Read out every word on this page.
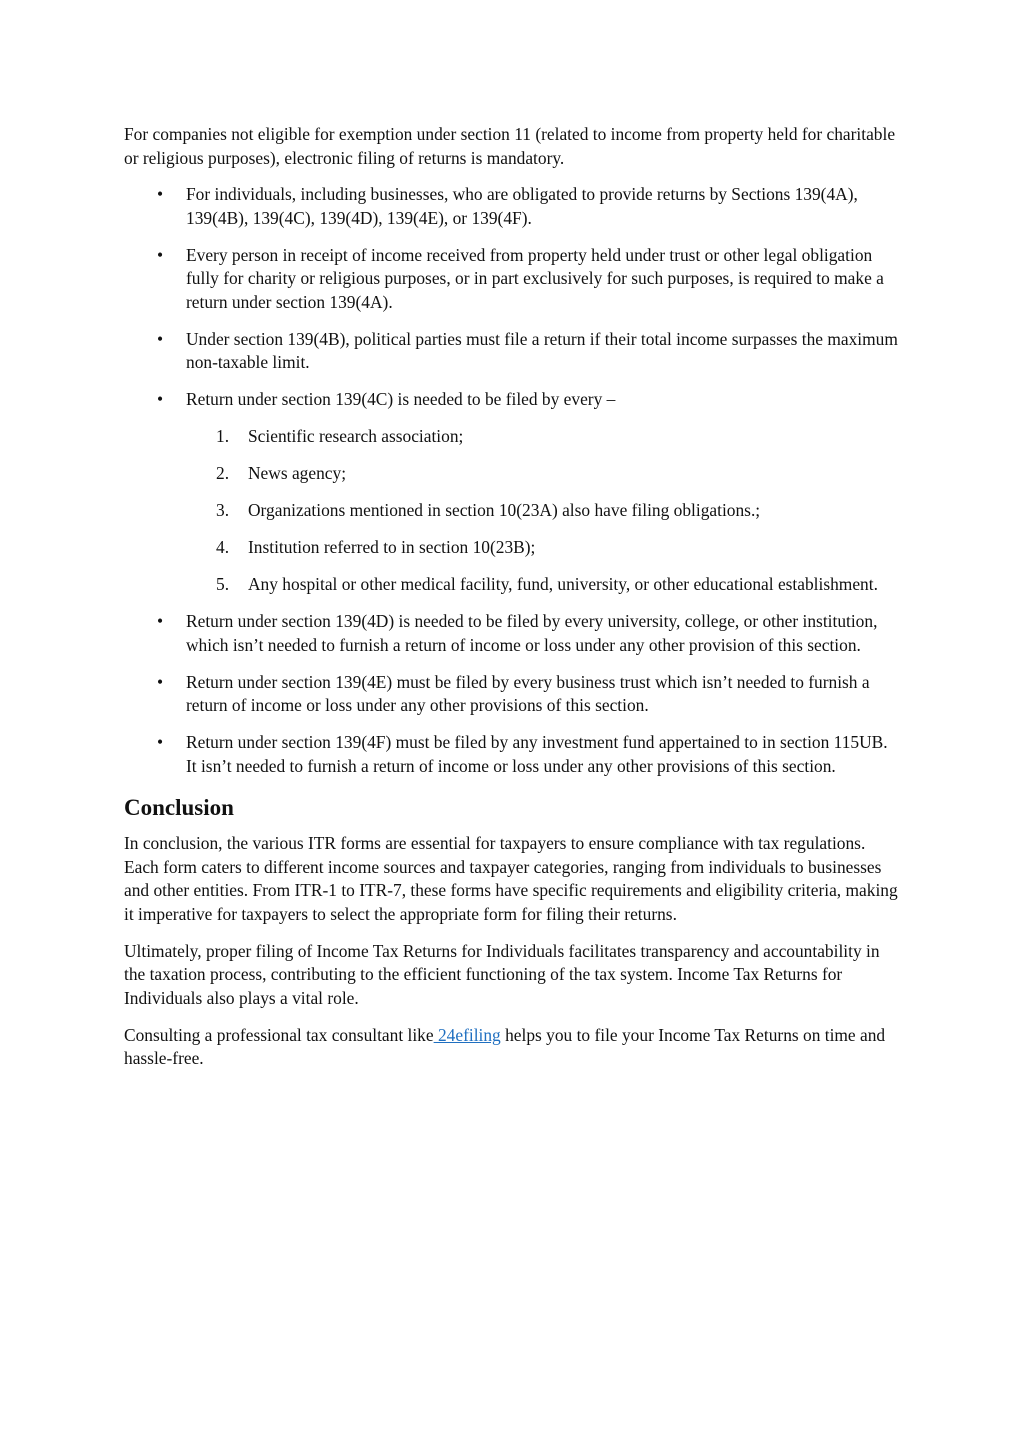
For companies not eligible for exemption under section 11 (related to income from property held for charitable or religious purposes), electronic filing of returns is mandatory.

• For individuals, including businesses, who are obligated to provide returns by Sections 139(4A), 139(4B), 139(4C), 139(4D), 139(4E), or 139(4F).
• Every person in receipt of income received from property held under trust or other legal obligation fully for charity or religious purposes, or in part exclusively for such purposes, is required to make a return under section 139(4A).
• Under section 139(4B), political parties must file a return if their total income surpasses the maximum non-taxable limit.
• Return under section 139(4C) is needed to be filed by every –
1. Scientific research association;
2. News agency;
3. Organizations mentioned in section 10(23A) also have filing obligations.;
4. Institution referred to in section 10(23B);
5. Any hospital or other medical facility, fund, university, or other educational establishment.
• Return under section 139(4D) is needed to be filed by every university, college, or other institution, which isn’t needed to furnish a return of income or loss under any other provision of this section.
• Return under section 139(4E) must be filed by every business trust which isn’t needed to furnish a return of income or loss under any other provisions of this section.
• Return under section 139(4F) must be filed by any investment fund appertained to in section 115UB. It isn’t needed to furnish a return of income or loss under any other provisions of this section.
Conclusion

In conclusion, the various ITR forms are essential for taxpayers to ensure compliance with tax regulations. Each form caters to different income sources and taxpayer categories, ranging from individuals to businesses and other entities. From ITR-1 to ITR-7, these forms have specific requirements and eligibility criteria, making it imperative for taxpayers to select the appropriate form for filing their returns.

Ultimately, proper filing of Income Tax Returns for Individuals facilitates transparency and accountability in the taxation process, contributing to the efficient functioning of the tax system. Income Tax Returns for Individuals also plays a vital role.

Consulting a professional tax consultant like 24efiling helps you to file your Income Tax Returns on time and hassle-free.
